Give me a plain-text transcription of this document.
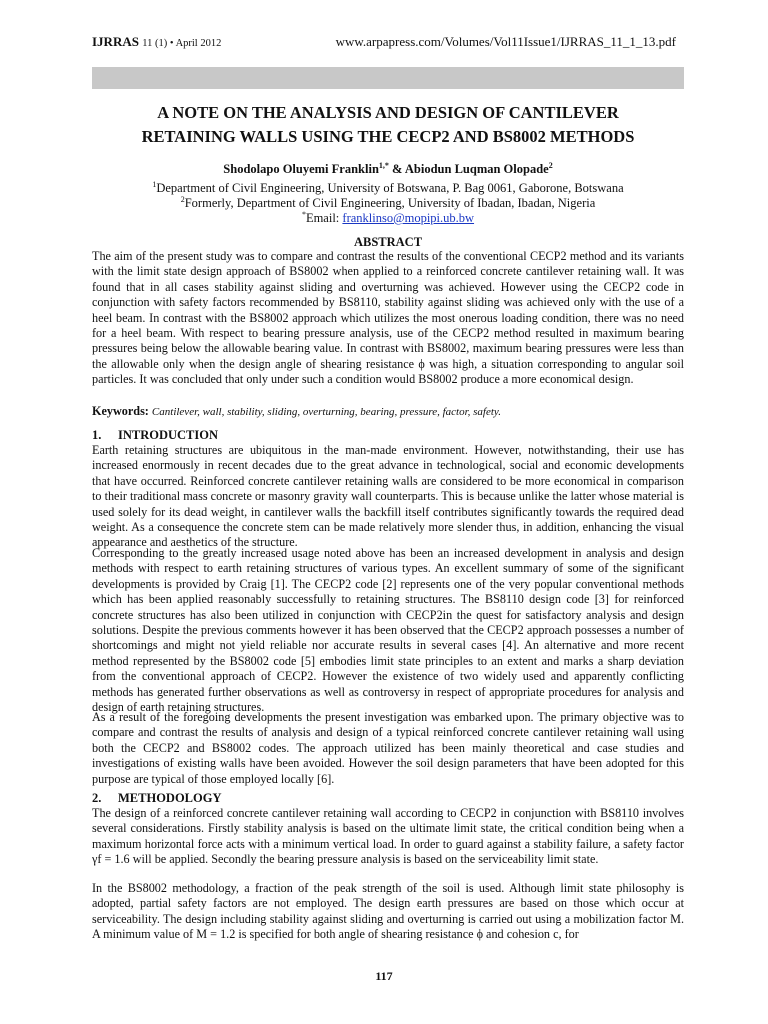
IJRRAS 11 (1) • April 2012	www.arpapress.com/Volumes/Vol11Issue1/IJRRAS_11_1_13.pdf
A NOTE ON THE ANALYSIS AND DESIGN OF CANTILEVER
RETAINING WALLS USING THE CECP2 AND BS8002 METHODS
Shodolapo Oluyemi Franklin$^{1,*}$ & Abiodun Luqman Olopade$^2$
$^1$Department of Civil Engineering, University of Botswana, P. Bag 0061, Gaborone, Botswana
$^2$Formerly, Department of Civil Engineering, University of Ibadan, Ibadan, Nigeria
*Email: franklinso@mopipi.ub.bw
ABSTRACT

The aim of the present study was to compare and contrast the results of the conventional CECP2 method and its variants with the limit state design approach of BS8002 when applied to a reinforced concrete cantilever retaining wall. It was found that in all cases stability against sliding and overturning was achieved. However using the CECP2 code in conjunction with safety factors recommended by BS8110, stability against sliding was achieved only with the use of a heel beam. In contrast with the BS8002 approach which utilizes the most onerous loading condition, there was no need for a heel beam. With respect to bearing pressure analysis, use of the CECP2 method resulted in maximum bearing pressures being below the allowable bearing value. In contrast with BS8002, maximum bearing pressures were less than the allowable only when the design angle of shearing resistance ϕ was high, a situation corresponding to angular soil particles. It was concluded that only under such a condition would BS8002 produce a more economical design.

Keywords: Cantilever, wall, stability, sliding, overturning, bearing, pressure, factor, safety.
1. INTRODUCTION

Earth retaining structures are ubiquitous in the man-made environment. However, notwithstanding, their use has increased enormously in recent decades due to the great advance in technological, social and economic developments that have occurred. Reinforced concrete cantilever retaining walls are considered to be more economical in comparison to their traditional mass concrete or masonry gravity wall counterparts. This is because unlike the latter whose material is used solely for its dead weight, in cantilever walls the backfill itself contributes significantly towards the required dead weight. As a consequence the concrete stem can be made relatively more slender thus, in addition, enhancing the visual appearance and aesthetics of the structure.

Corresponding to the greatly increased usage noted above has been an increased development in analysis and design methods with respect to earth retaining structures of various types. An excellent summary of some of the significant developments is provided by Craig [1]. The CECP2 code [2] represents one of the very popular conventional methods which has been applied reasonably successfully to retaining structures. The BS8110 design code [3] for reinforced concrete structures has also been utilized in conjunction with CECP2in the quest for satisfactory analysis and design solutions. Despite the previous comments however it has been observed that the CECP2 approach possesses a number of shortcomings and might not yield reliable nor accurate results in several cases [4]. An alternative and more recent method represented by the BS8002 code [5] embodies limit state principles to an extent and marks a sharp deviation from the conventional approach of CECP2. However the existence of two widely used and apparently conflicting methods has generated further observations as well as controversy in respect of appropriate procedures for analysis and design of earth retaining structures.

As a result of the foregoing developments the present investigation was embarked upon. The primary objective was to compare and contrast the results of analysis and design of a typical reinforced concrete cantilever retaining wall using both the CECP2 and BS8002 codes. The approach utilized has been mainly theoretical and case studies and investigations of existing walls have been avoided. However the soil design parameters that have been adopted for this purpose are typical of those employed locally [6].

2. METHODOLOGY

The design of a reinforced concrete cantilever retaining wall according to CECP2 in conjunction with BS8110 involves several considerations. Firstly stability analysis is based on the ultimate limit state, the critical condition being when a maximum horizontal force acts with a minimum vertical load. In order to guard against a stability failure, a safety factor γf = 1.6 will be applied. Secondly the bearing pressure analysis is based on the serviceability limit state.

In the BS8002 methodology, a fraction of the peak strength of the soil is used. Although limit state philosophy is adopted, partial safety factors are not employed. The design earth pressures are based on those which occur at serviceability. The design including stability against sliding and overturning is carried out using a mobilization factor M. A minimum value of M = 1.2 is specified for both angle of shearing resistance ϕ and cohesion c, for

117
